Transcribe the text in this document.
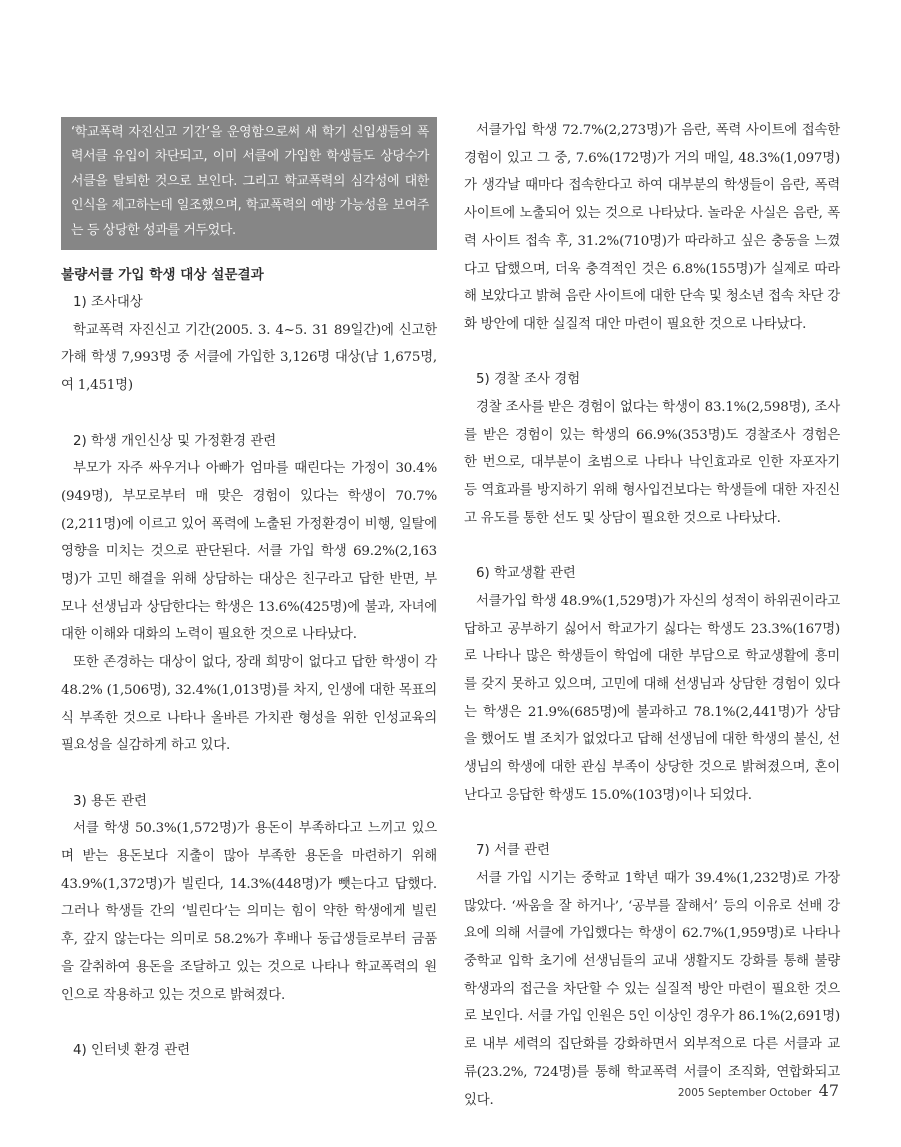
‘학교폭력 자진신고 기간’을 운영함으로써 새 학기 신입생들의 폭력서클 유입이 차단되고, 이미 서클에 가입한 학생들도 상당수가 서클을 탈퇴한 것으로 보인다. 그리고 학교폭력의 심각성에 대한 인식을 제고하는데 일조했으며, 학교폭력의 예방 가능성을 보여주는 등 상당한 성과를 거두었다.

불량서클 가입 학생 대상 설문결과

1) 조사대상

학교폭력 자진신고 기간(2005. 3. 4~5. 31 89일간)에 신고한 가해 학생 7,993명 중 서클에 가입한 3,126명 대상(남 1,675명, 여 1,451명)

2) 학생 개인신상 및 가정환경 관련

부모가 자주 싸우거나 아빠가 엄마를 때린다는 가정이 30.4%(949명), 부모로부터 매 맞은 경험이 있다는 학생이 70.7%(2,211명)에 이르고 있어 폭력에 노출된 가정환경이 비행, 일탈에 영향을 미치는 것으로 판단된다. 서클 가입 학생 69.2%(2,163명)가 고민 해결을 위해 상담하는 대상은 친구라고 답한 반면, 부모나 선생님과 상담한다는 학생은 13.6%(425명)에 불과, 자녀에 대한 이해와 대화의 노력이 필요한 것으로 나타났다.

또한 존경하는 대상이 없다, 장래 희망이 없다고 답한 학생이 각 48.2% (1,506명), 32.4%(1,013명)를 차지, 인생에 대한 목표의식 부족한 것으로 나타나 올바른 가치관 형성을 위한 인성교육의 필요성을 실감하게 하고 있다.

3) 용돈 관련

서클 학생 50.3%(1,572명)가 용돈이 부족하다고 느끼고 있으며 받는 용돈보다 지출이 많아 부족한 용돈을 마련하기 위해 43.9%(1,372명)가 빌린다, 14.3%(448명)가 뺏는다고 답했다. 그러나 학생들 간의 ‘빌린다’는 의미는 힘이 약한 학생에게 빌린 후, 갚지 않는다는 의미로 58.2%가 후배나 동급생들로부터 금품을 갈취하여 용돈을 조달하고 있는 것으로 나타나 학교폭력의 원인으로 작용하고 있는 것으로 밝혀졌다.

4) 인터넷 환경 관련

서클가입 학생 72.7%(2,273명)가 음란, 폭력 사이트에 접속한 경험이 있고 그 중, 7.6%(172명)가 거의 매일, 48.3%(1,097명)가 생각날 때마다 접속한다고 하여 대부분의 학생들이 음란, 폭력 사이트에 노출되어 있는 것으로 나타났다. 놀라운 사실은 음란, 폭력 사이트 접속 후, 31.2%(710명)가 따라하고 싶은 충동을 느꼈다고 답했으며, 더욱 충격적인 것은 6.8%(155명)가 실제로 따라해 보았다고 밝혀 음란 사이트에 대한 단속 및 청소년 접속 차단 강화 방안에 대한 실질적 대안 마련이 필요한 것으로 나타났다.

5) 경찰 조사 경험

경찰 조사를 받은 경험이 없다는 학생이 83.1%(2,598명), 조사를 받은 경험이 있는 학생의 66.9%(353명)도 경찰조사 경험은 한 번으로, 대부분이 초범으로 나타나 낙인효과로 인한 자포자기 등 역효과를 방지하기 위해 형사입건보다는 학생들에 대한 자진신고 유도를 통한 선도 및 상담이 필요한 것으로 나타났다.

6) 학교생활 관련

서클가입 학생 48.9%(1,529명)가 자신의 성적이 하위권이라고 답하고 공부하기 싫어서 학교가기 싫다는 학생도 23.3%(167명)로 나타나 많은 학생들이 학업에 대한 부담으로 학교생활에 흥미를 갖지 못하고 있으며, 고민에 대해 선생님과 상담한 경험이 있다는 학생은 21.9%(685명)에 불과하고 78.1%(2,441명)가 상담을 했어도 별 조치가 없었다고 답해 선생님에 대한 학생의 불신, 선생님의 학생에 대한 관심 부족이 상당한 것으로 밝혀졌으며, 혼이 난다고 응답한 학생도 15.0%(103명)이나 되었다.

7) 서클 관련

서클 가입 시기는 중학교 1학년 때가 39.4%(1,232명)로 가장 많았다. ‘싸움을 잘 하거나’, ‘공부를 잘해서’ 등의 이유로 선배 강요에 의해 서클에 가입했다는 학생이 62.7%(1,959명)로 나타나 중학교 입학 초기에 선생님들의 교내 생활지도 강화를 통해 불량 학생과의 접근을 차단할 수 있는 실질적 방안 마련이 필요한 것으로 보인다. 서클 가입 인원은 5인 이상인 경우가 86.1%(2,691명)로 내부 세력의 집단화를 강화하면서 외부적으로 다른 서클과 교류(23.2%, 724명)를 통해 학교폭력 서클이 조직화, 연합화되고 있다.	2005 September October 47
